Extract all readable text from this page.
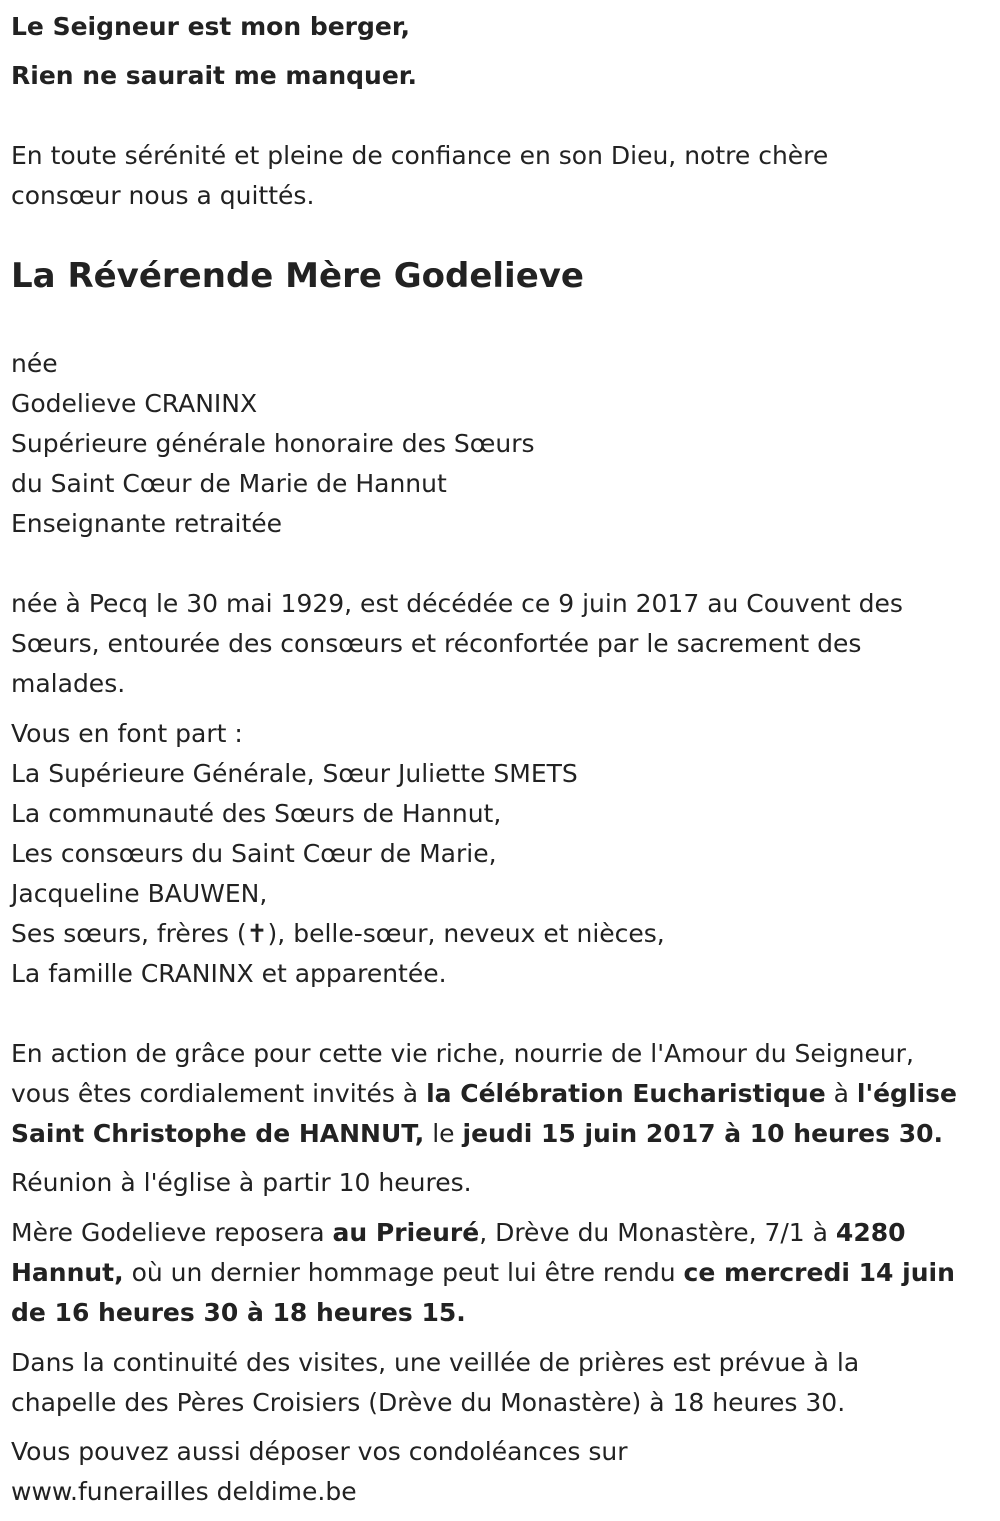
Le Seigneur est mon berger,
Rien ne saurait me manquer.
En toute sérénité et pleine de confiance en son Dieu, notre chère
consœur nous a quittés.
La Révérende Mère Godelieve
née
Godelieve CRANINX
Supérieure générale honoraire des Sœurs
du Saint Cœur de Marie de Hannut
Enseignante retraitée
née à Pecq le 30 mai 1929, est décédée ce 9 juin 2017 au Couvent des
Sœurs, entourée des consœurs et réconfortée par le sacrement des
malades.
Vous en font part :
La Supérieure Générale, Sœur Juliette SMETS
La communauté des Sœurs de Hannut,
Les consœurs du Saint Cœur de Marie,
Jacqueline BAUWEN,
Ses sœurs, frères (✝), belle-sœur, neveux et nièces,
La famille CRANINX et apparentée.
En action de grâce pour cette vie riche, nourrie de l'Amour du Seigneur,
vous êtes cordialement invités à la Célébration Eucharistique à l'église
Saint Christophe de HANNUT, le jeudi 15 juin 2017 à 10 heures 30.
Réunion à l'église à partir 10 heures.
Mère Godelieve reposera au Prieuré, Drève du Monastère, 7/1 à 4280
Hannut, où un dernier hommage peut lui être rendu ce mercredi 14 juin
de 16 heures 30 à 18 heures 15.
Dans la continuité des visites, une veillée de prières est prévue à la
chapelle des Pères Croisiers (Drève du Monastère) à 18 heures 30.
Vous pouvez aussi déposer vos condoléances sur
www.funerailles deldime.be
